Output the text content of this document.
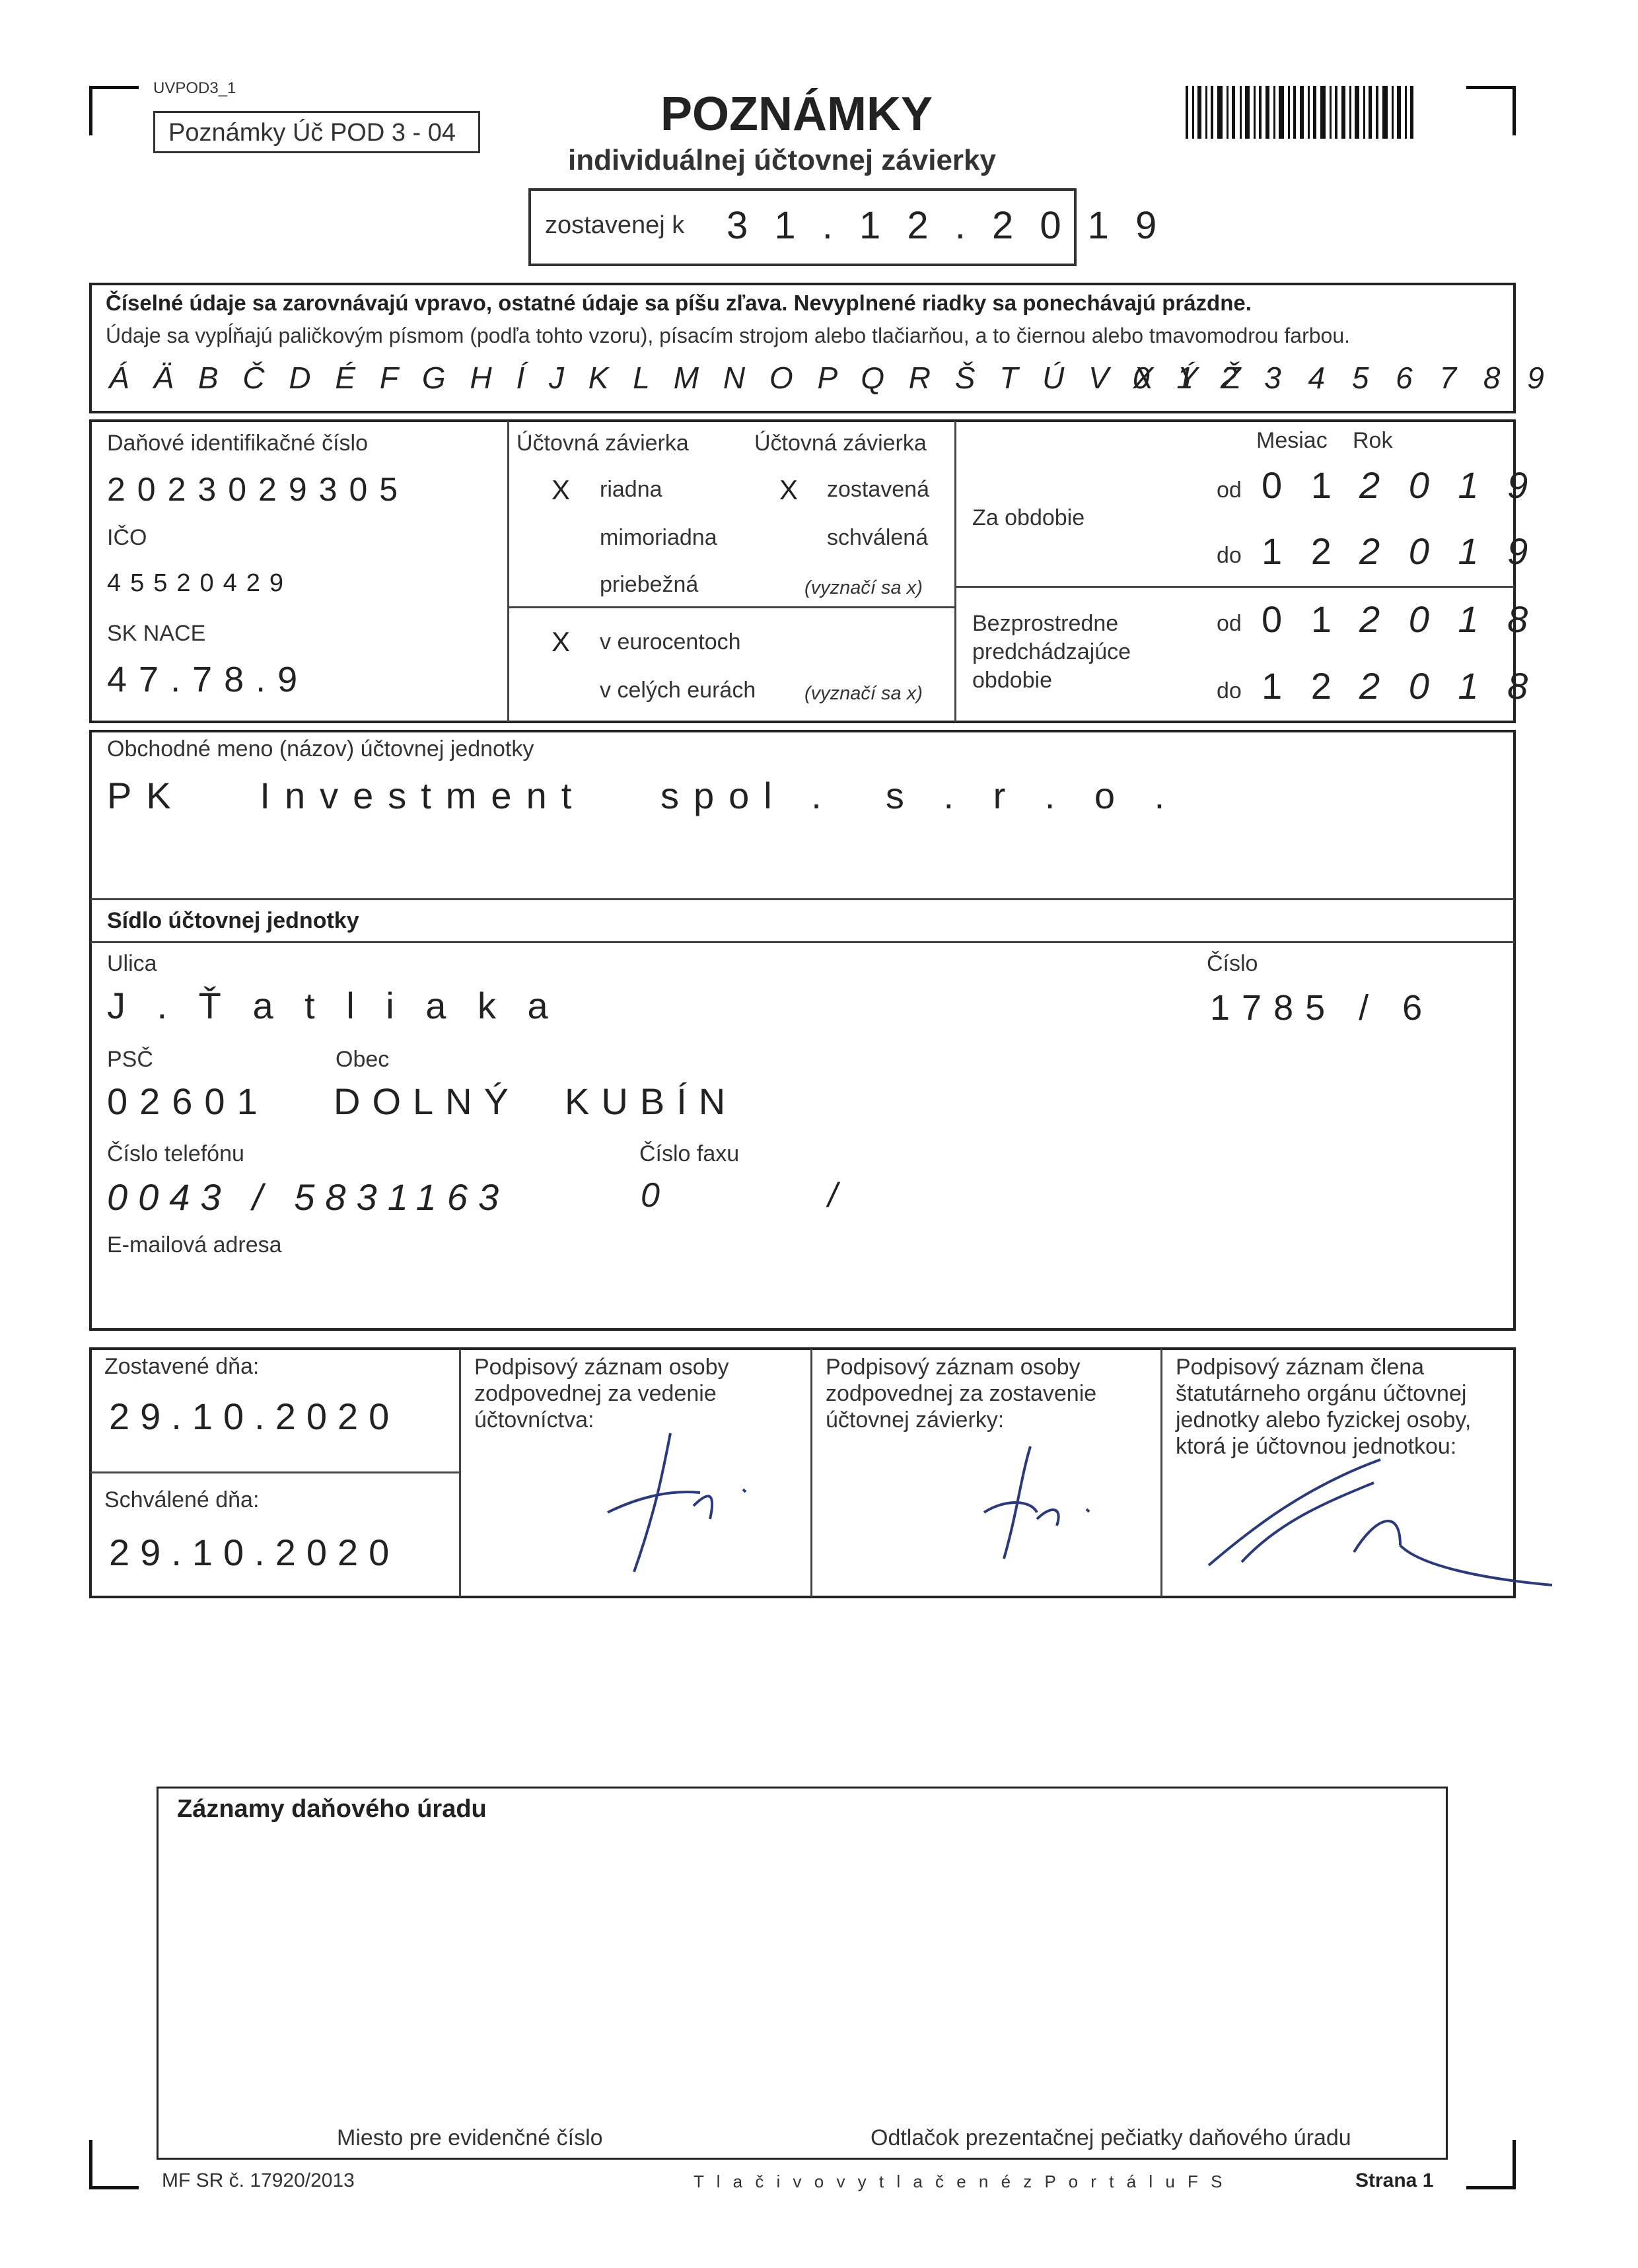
UVPOD3_1
Poznámky Úč POD 3 - 04	POZNÁMKY
individuálnej účtovnej závierky
zostavenej k 3 1 . 1 2 . 2 0 1 9
Číselné údaje sa zarovnávajú vpravo, ostatné údaje sa píšu zľava. Nevyplnené riadky sa ponechávajú prázdne.
Údaje sa vypĺňajú paličkovým písmom (podľa tohto vzoru), písacím strojom alebo tlačiarňou, a to čiernou alebo tmavomodrou farbou.
Á Ä B Č D É F G H Í J K L M N O P Q R Š T Ú V X Ý Ž
0 1 2 3 4 5 6 7 8 9
Daňové identifikačné číslo
2023029305
IČO
45520429
SK NACE
47.78.9
Účtovná závierka	Účtovná závierka
X riadna	X zostavená
mimoriadna	schválená
priebežná	(vyznačí sa x)
X v eurocentoch
v celých eurách	(vyznačí sa x)
Mesiac Rok
Za obdobie
od 0 1 2 0 1 9
do 1 2 2 0 1 9
Bezprostredne
predchádzajúce
obdobie
od 0 1 2 0 1 8
do 1 2 2 0 1 8
Obchodné meno (názov) účtovnej jednotky
PK   Investment   spol .  s . r . o .
Sídlo účtovnej jednotky
Ulica
J . Ť a t l i a k a
Číslo
1785 / 6
PSČ
02601
Obec
DOLNÝ  KUBÍN
Číslo telefónu
0043 / 5831163
Číslo faxu
0          /
E-mailová adresa
Zostavené dňa:
29.10.2020
Schválené dňa:
29.10.2020
Podpisový záznam osoby zodpovednej za vedenie účtovníctva:
Podpisový záznam osoby zodpovednej za zostavenie účtovnej závierky:
Podpisový záznam člena štatutárneho orgánu účtovnej jednotky alebo fyzickej osoby, ktorá je účtovnou jednotkou:
Záznamy daňového úradu
Miesto pre evidenčné číslo	Odtlačok prezentačnej pečiatky daňového úradu
MF SR č. 17920/2013	T l a č i v o v y t l a č e n é z P o r t á l u F S	Strana 1
